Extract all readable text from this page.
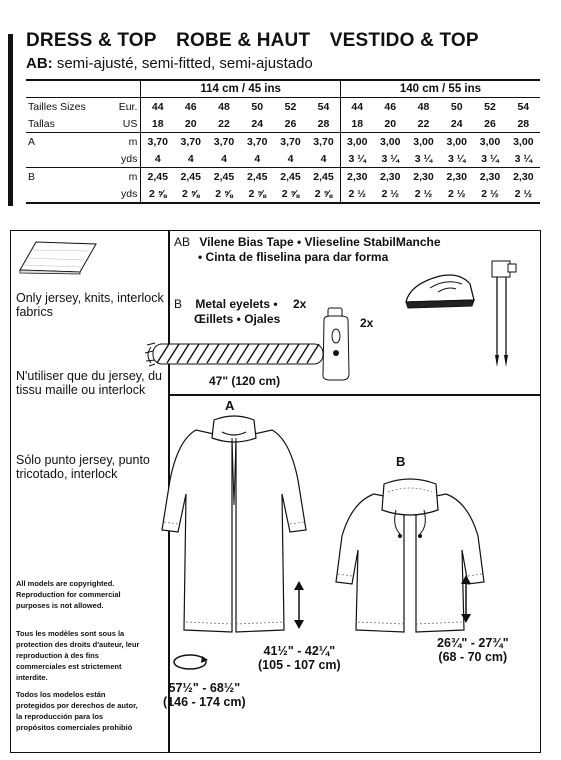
DRESS & TOP ROBE & HAUT VESTIDO & TOP
AB: semi-ajusté, semi-fitted, semi-ajustado
		114 cm / 45 ins						140 cm / 55 ins					
Tailles Sizes	Eur.	44	46	48	50	52	54	44	46	48	50	52	54
Tallas	US	18	20	22	24	26	28	18	20	22	24	26	28
A	m	3,70	3,70	3,70	3,70	3,70	3,70	3,00	3,00	3,00	3,00	3,00	3,00
	yds	4	4	4	4	4	4	3 ¼	3 ¼	3 ¼	3 ¼	3 ¼	3 ¼
B	m	2,45	2,45	2,45	2,45	2,45	2,45	2,30	2,30	2,30	2,30	2,30	2,30
	yds	2 ⅝	2 ⅝	2 ⅝	2 ⅝	2 ⅝	2 ⅝	2 ½	2 ½	2 ½	2 ½	2 ½	2 ½
Only jersey, knits, interlock fabrics
N'utiliser que du jersey, du tissu maille ou interlock
Sólo punto jersey, punto tricotado, interlock
All models are copyrighted. Reproduction for commercial purposes is not allowed.
Tous les modèles sont sous la protection des droits d'auteur, leur reproduction à des fins commerciales est strictement interdite.
Todos los modelos están protegidos por derechos de autor, la reproducción para los propósitos comerciales prohibió
AB Vilene Bias Tape • Vlieseline StabilManche
• Cinta de fliselina para dar forma
B Metal eyelets • 2x
Œillets • Ojales	2x
47" (120 cm)
A
41½" - 42¼"
(105 - 107 cm)
57½" - 68½"
(146 - 174 cm)
B
26¾" - 27¾"
(68 - 70 cm)
